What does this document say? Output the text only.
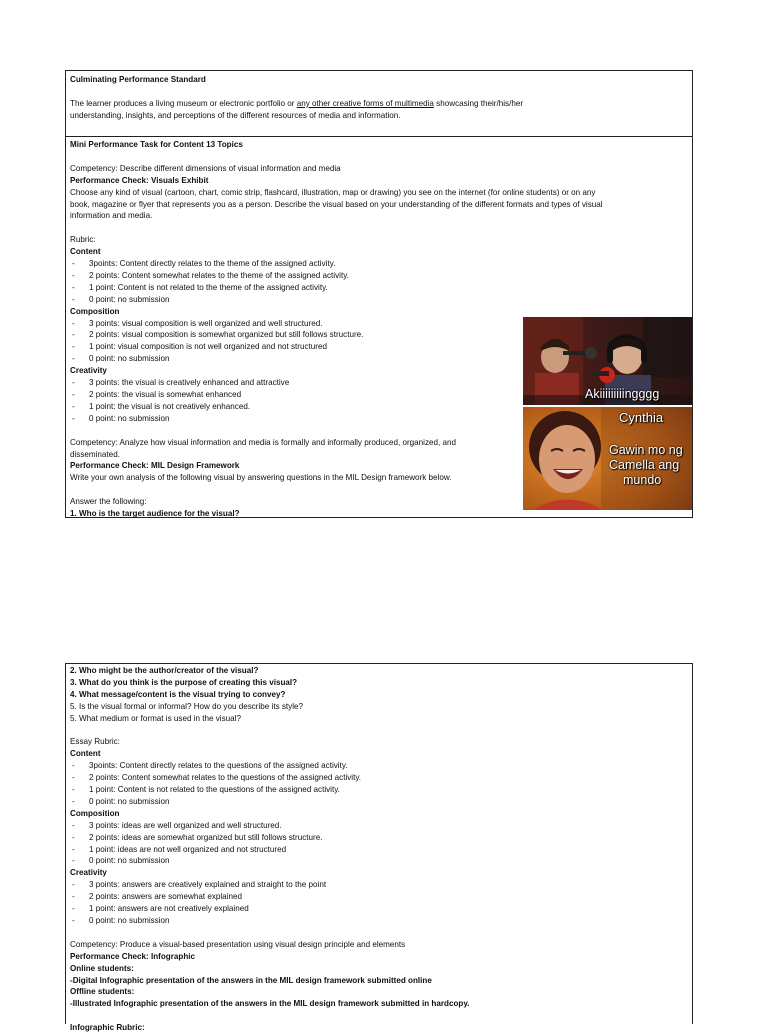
Culminating Performance Standard
The learner produces a living museum or electronic portfolio or any other creative forms of multimedia showcasing their/his/her
understanding, insights, and perceptions of the different resources of media and information.
Mini Performance Task for Content 13 Topics
Competency: Describe different dimensions of visual information and media
Performance Check: Visuals Exhibit
Choose any kind of visual (cartoon, chart, comic strip, flashcard, illustration, map or drawing) you see on the internet (for online students) or on any
book, magazine or flyer that represents you as a person. Describe the visual based on your understanding of the different formats and types of visual
information and media.
Rubric:
Content
- 3points: Content directly relates to the theme of the assigned activity.
- 2 points: Content somewhat relates to the theme of the assigned activity.
- 1 point: Content is not related to the theme of the assigned activity.
- 0 point: no submission
Composition
- 3 points: visual composition is well organized and well structured.
- 2 points: visual composition is somewhat organized but still follows structure.
- 1 point: visual composition is not well organized and not structured
- 0 point: no submission
Creativity
- 3 points: the visual is creatively enhanced and attractive
- 2 points: the visual is somewhat enhanced
- 1 point: the visual is not creatively enhanced.
- 0 point: no submission
Competency: Analyze how visual information and media is formally and informally produced, organized, and
disseminated.
Performance Check: MIL Design Framework
Write your own analysis of the following visual by answering questions in the MIL Design framework below.
Answer the following:
1. Who is the target audience for the visual?
Akiiiiiiiiingggg
Cynthia
Gawin mo ng
Camella ang
mundo
2. Who might be the author/creator of the visual?
3. What do you think is the purpose of creating this visual?
4. What message/content is the visual trying to convey?
5. Is the visual formal or informal? How do you describe its style?
5. What medium or format is used in the visual?
Essay Rubric:
Content
- 3points: Content directly relates to the questions of the assigned activity.
- 2 points: Content somewhat relates to the questions of the assigned activity.
- 1 point: Content is not related to the questions of the assigned activity.
- 0 point: no submission
Composition
- 3 points: ideas are well organized and well structured.
- 2 points: ideas are somewhat organized but still follows structure.
- 1 point: ideas are not well organized and not structured
- 0 point: no submission
Creativity
- 3 points: answers are creatively explained and straight to the point
- 2 points: answers are somewhat explained
- 1 point: answers are not creatively explained
- 0 point: no submission
Competency: Produce a visual-based presentation using visual design principle and elements
Performance Check: Infographic
Online students:
-Digital Infographic presentation of the answers in the MIL design framework submitted online
Offline students:
-Illustrated Infographic presentation of the answers in the MIL design framework submitted in hardcopy.
Infographic Rubric:
